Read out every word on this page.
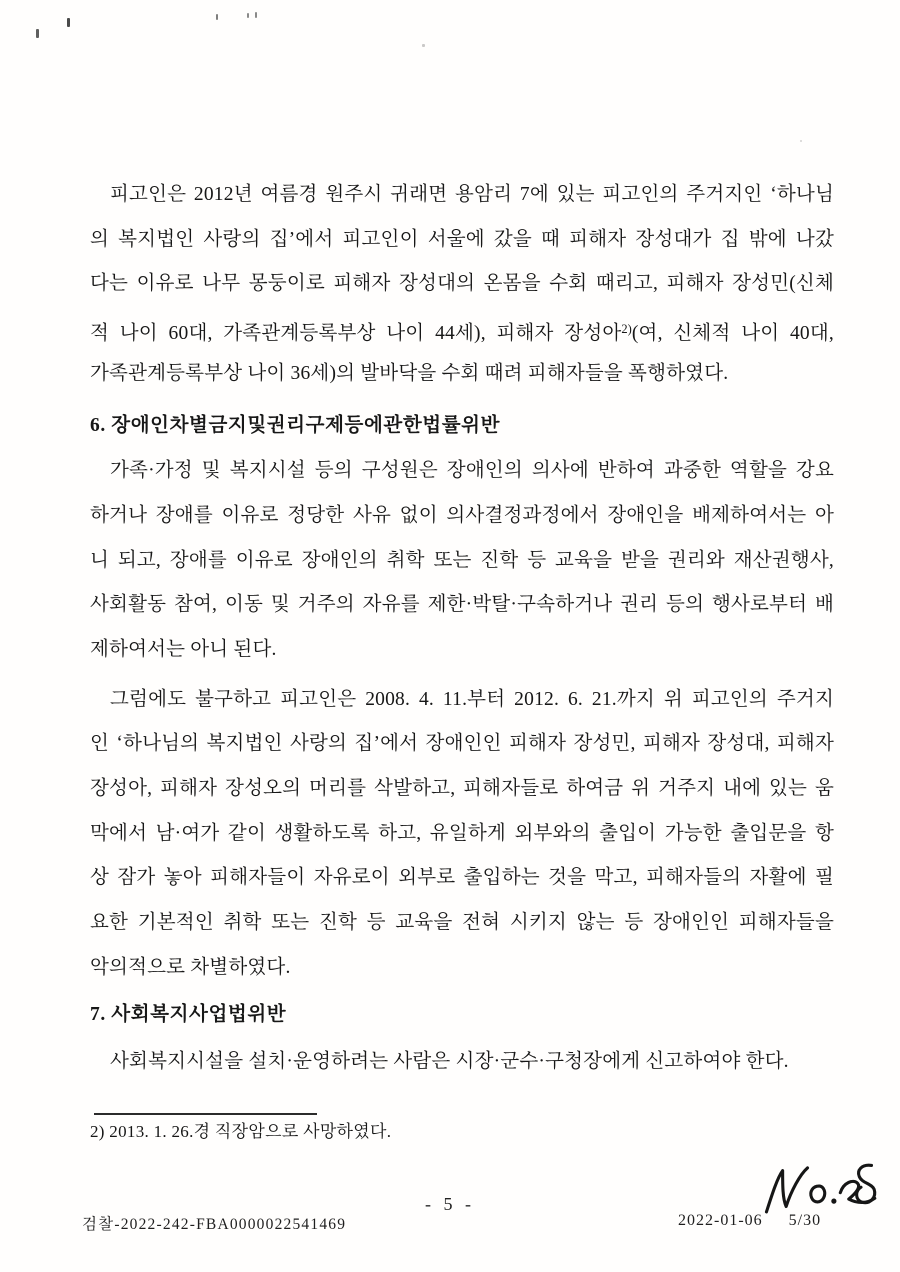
피고인은 2012년 여름경 원주시 귀래면 용암리 7에 있는 피고인의 주거지인 ‘하나님
의 복지법인 사랑의 집’에서 피고인이 서울에 갔을 때 피해자 장성대가 집 밖에 나갔
다는 이유로 나무 몽둥이로 피해자 장성대의 온몸을 수회 때리고, 피해자 장성민(신체
적 나이 60대, 가족관계등록부상 나이 44세), 피해자 장성아$^{2)}$(여, 신체적 나이 40대,
가족관계등록부상 나이 36세)의 발바닥을 수회 때려 피해자들을 폭행하였다.
6. 장애인차별금지및권리구제등에관한법률위반
가족·가정 및 복지시설 등의 구성원은 장애인의 의사에 반하여 과중한 역할을 강요
하거나 장애를 이유로 정당한 사유 없이 의사결정과정에서 장애인을 배제하여서는 아
니 되고, 장애를 이유로 장애인의 취학 또는 진학 등 교육을 받을 권리와 재산권행사,
사회활동 참여, 이동 및 거주의 자유를 제한·박탈·구속하거나 권리 등의 행사로부터 배
제하여서는 아니 된다.
그럼에도 불구하고 피고인은 2008. 4. 11.부터 2012. 6. 21.까지 위 피고인의 주거지
인 ‘하나님의 복지법인 사랑의 집’에서 장애인인 피해자 장성민, 피해자 장성대, 피해자
장성아, 피해자 장성오의 머리를 삭발하고, 피해자들로 하여금 위 거주지 내에 있는 움
막에서 남·여가 같이 생활하도록 하고, 유일하게 외부와의 출입이 가능한 출입문을 항
상 잠가 놓아 피해자들이 자유로이 외부로 출입하는 것을 막고, 피해자들의 자활에 필
요한 기본적인 취학 또는 진학 등 교육을 전혀 시키지 않는 등 장애인인 피해자들을
악의적으로 차별하였다.
7. 사회복지사업법위반
사회복지시설을 설치·운영하려는 사람은 시장·군수·구청장에게 신고하여야 한다.
2) 2013. 1. 26.경 직장암으로 사망하였다.
- 5 -
검찰-2022-242-FBA0000022541469	2022-01-06 5/30
